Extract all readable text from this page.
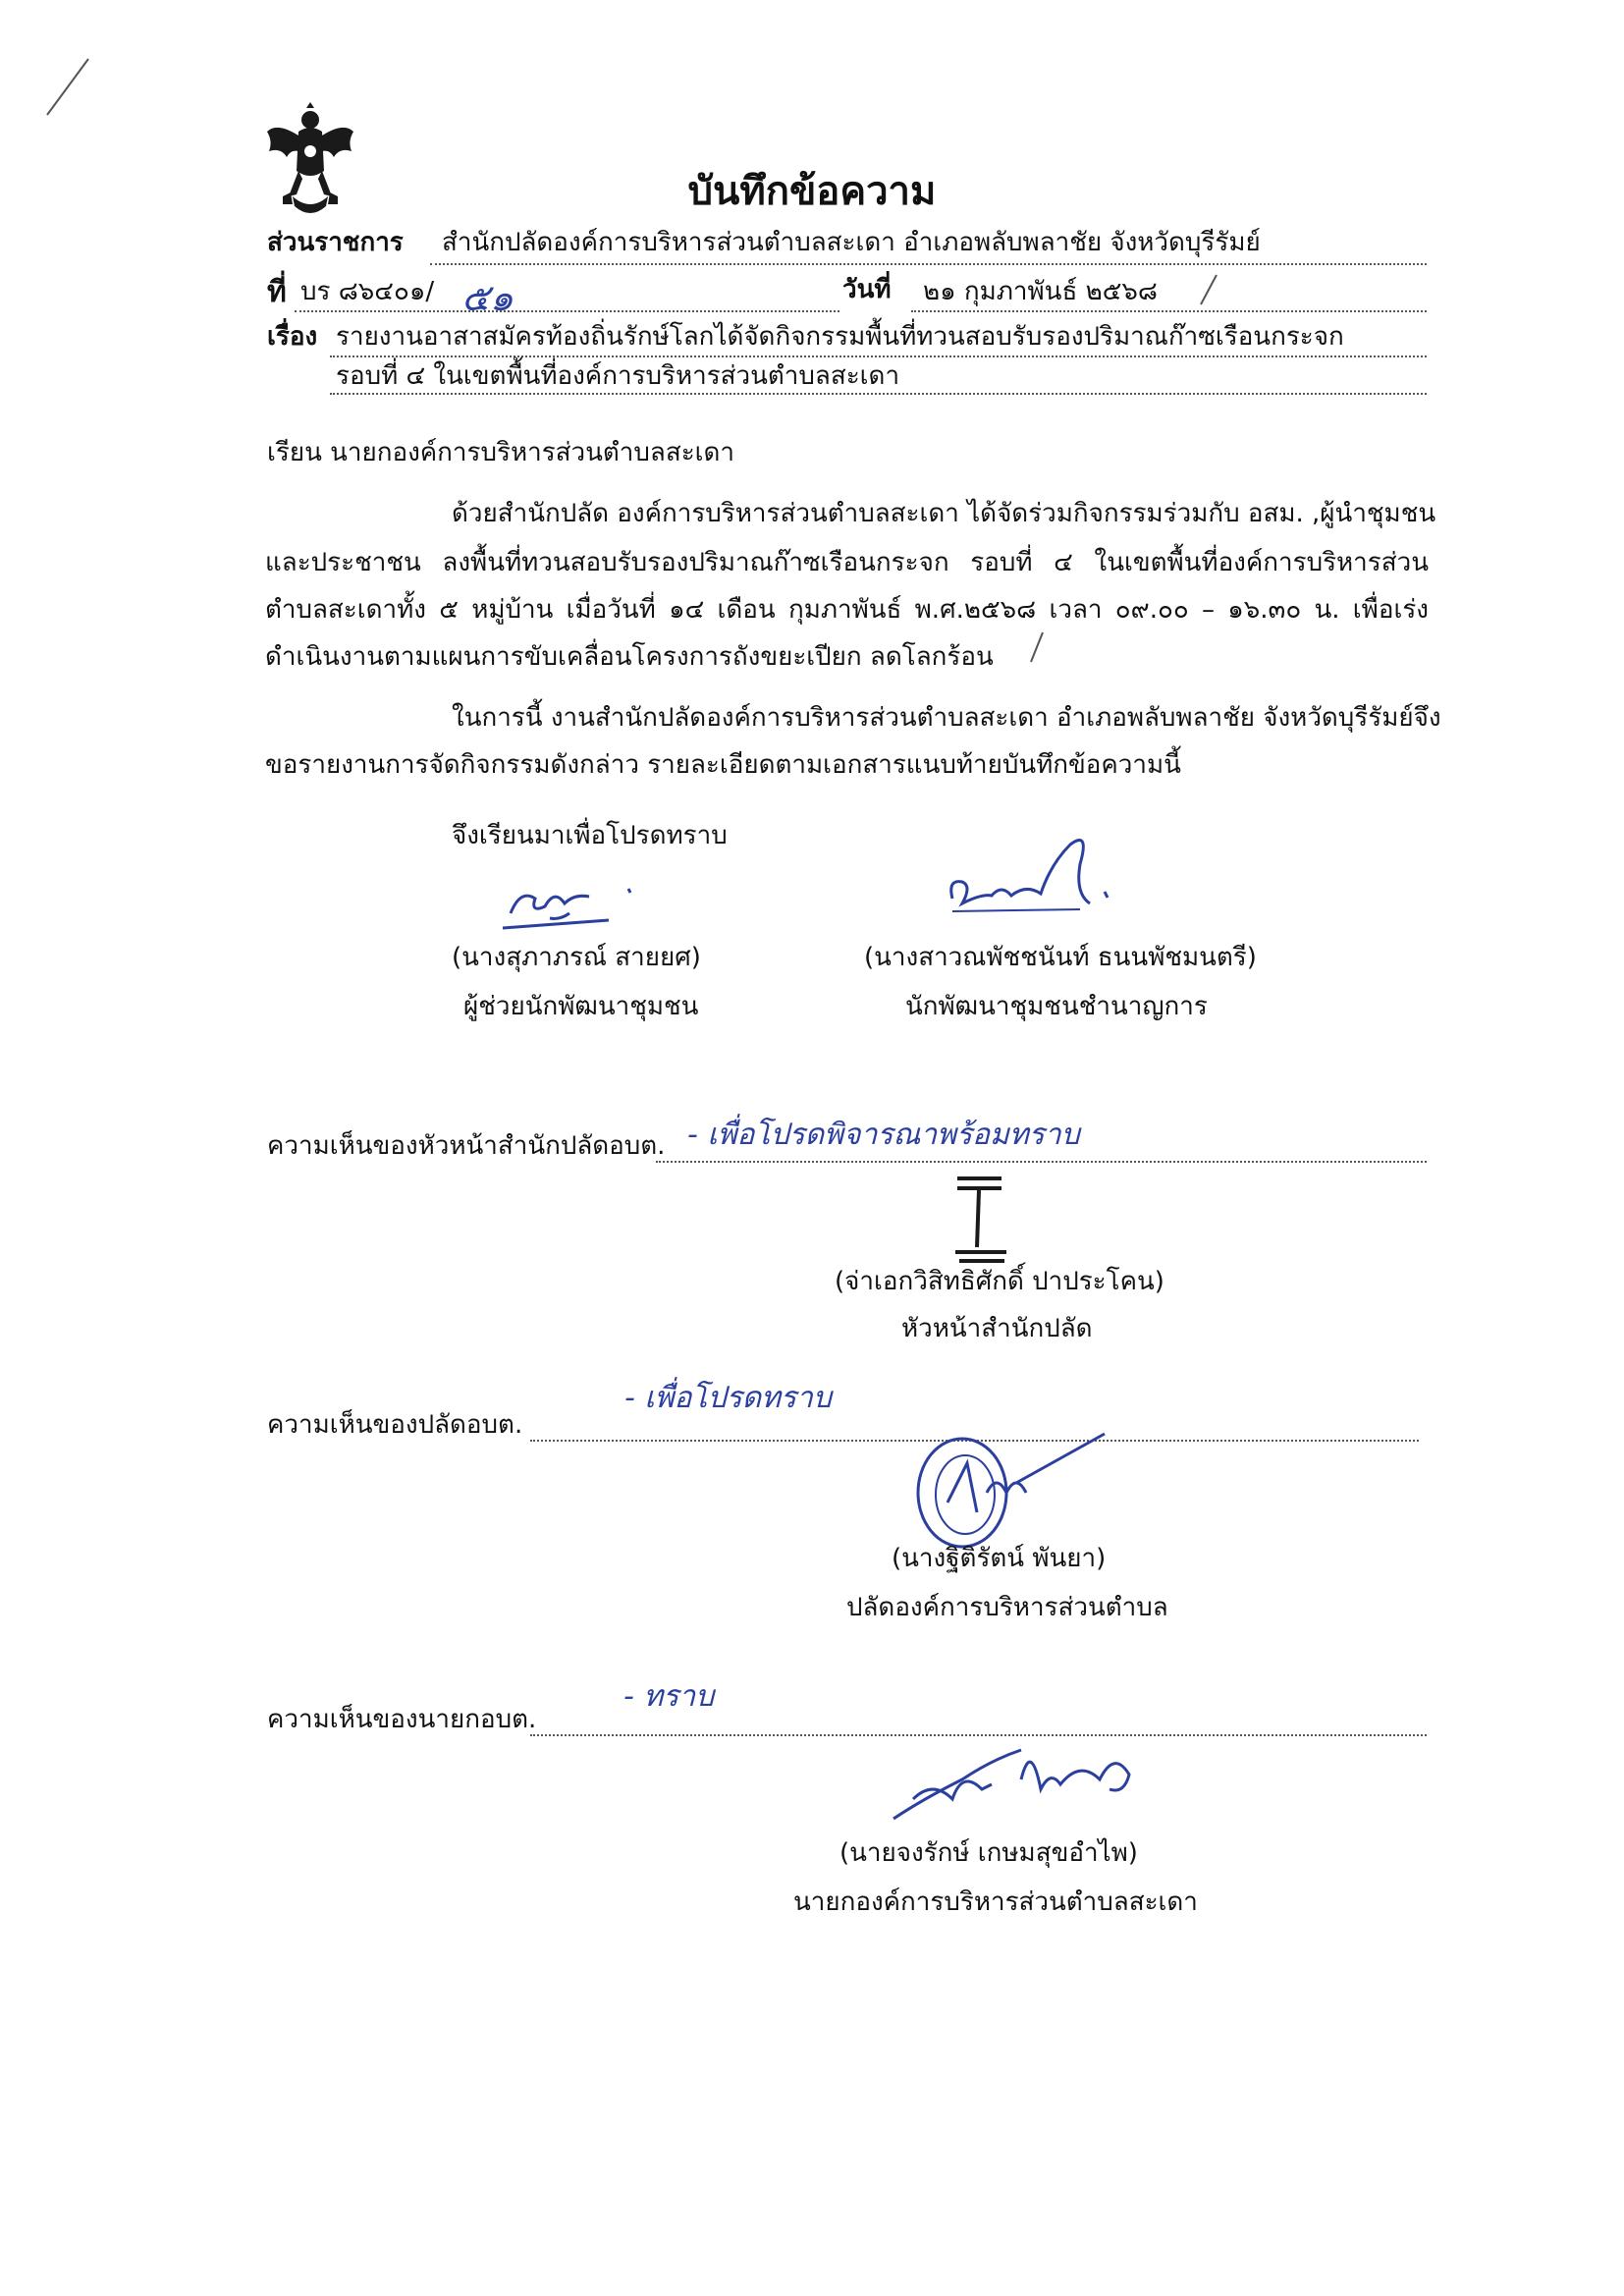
บันทึกข้อความ
ส่วนราชการ สำนักปลัดองค์การบริหารส่วนตำบลสะเดา อำเภอพลับพลาชัย จังหวัดบุรีรัมย์
ที่ บร ๘๖๔๐๑/ ๕๑	วันที่ ๒๑ กุมภาพันธ์ ๒๕๖๘
เรื่อง รายงานอาสาสมัครท้องถิ่นรักษ์โลกได้จัดกิจกรรมพื้นที่ทวนสอบรับรองปริมาณก๊าซเรือนกระจก
รอบที่ ๔ ในเขตพื้นที่องค์การบริหารส่วนตำบลสะเดา
เรียน นายกองค์การบริหารส่วนตำบลสะเดา
ด้วยสำนักปลัด องค์การบริหารส่วนตำบลสะเดา ได้จัดร่วมกิจกรรมร่วมกับ อสม. ,ผู้นำชุมชน
และประชาชน ลงพื้นที่ทวนสอบรับรองปริมาณก๊าซเรือนกระจก รอบที่ ๔ ในเขตพื้นที่องค์การบริหารส่วน
ตำบลสะเดาทั้ง ๕ หมู่บ้าน เมื่อวันที่ ๑๔ เดือน กุมภาพันธ์ พ.ศ.๒๕๖๘ เวลา ๐๙.๐๐ – ๑๖.๓๐ น. เพื่อเร่ง
ดำเนินงานตามแผนการขับเคลื่อนโครงการถังขยะเปียก ลดโลกร้อน
ในการนี้ งานสำนักปลัดองค์การบริหารส่วนตำบลสะเดา อำเภอพลับพลาชัย จังหวัดบุรีรัมย์จึง
ขอรายงานการจัดกิจกรรมดังกล่าว รายละเอียดตามเอกสารแนบท้ายบันทึกข้อความนี้
จึงเรียนมาเพื่อโปรดทราบ
(นางสุภาภรณ์ สายยศ)
ผู้ช่วยนักพัฒนาชุมชน
(นางสาวณพัชชนันท์ ธนนพัชมนตรี)
นักพัฒนาชุมชนชำนาญการ
ความเห็นของหัวหน้าสำนักปลัดอบต. - เพื่อโปรดพิจารณาพร้อมทราบ
(จ่าเอกวิสิทธิศักดิ์ ปาประโคน)
หัวหน้าสำนักปลัด
ความเห็นของปลัดอบต.
- เพื่อโปรดทราบ
(นางฐิติรัตน์ พันยา)
ปลัดองค์การบริหารส่วนตำบล
ความเห็นของนายกอบต.
- ทราบ
(นายจงรักษ์ เกษมสุขอำไพ)
นายกองค์การบริหารส่วนตำบลสะเดา
